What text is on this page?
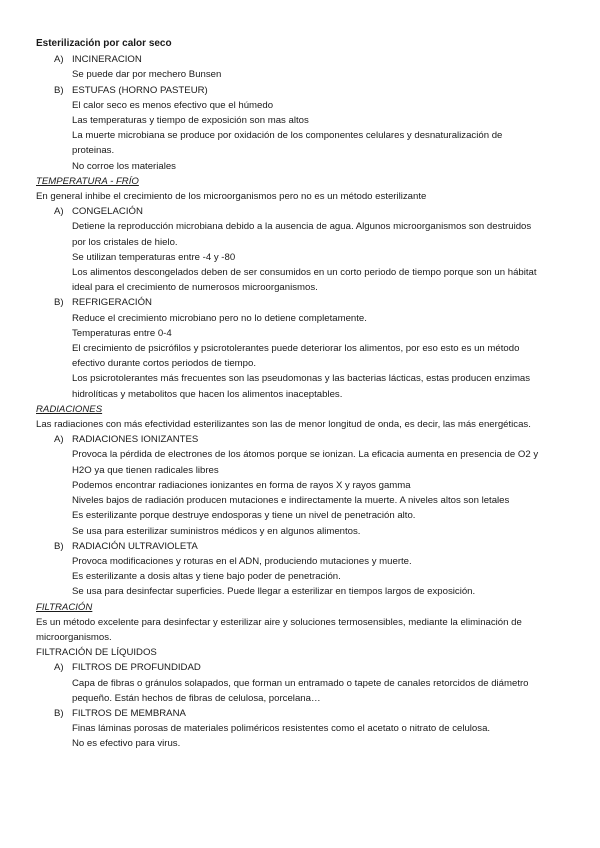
Esterilización por calor seco

A) INCINERACION

Se puede dar por mechero Bunsen

B) ESTUFAS (HORNO PASTEUR)

El calor seco es menos efectivo que el húmedo

Las temperaturas y tiempo de exposición son mas altos

La muerte microbiana se produce por oxidación de los componentes celulares y desnaturalización de

proteinas.

No corroe los materiales

TEMPERATURA - FRÍO

En general inhibe el crecimiento de los microorganismos pero no es un método esterilizante

A) CONGELACIÓN

Detiene la reproducción microbiana debido a la ausencia de agua. Algunos microorganismos son destruidos

por los cristales de hielo.

Se utilizan temperaturas entre -4 y -80

Los alimentos descongelados deben de ser consumidos en un corto periodo de tiempo porque son un hábitat

ideal para el crecimiento de numerosos microorganismos.

B) REFRIGERACIÓN

Reduce el crecimiento microbiano pero no lo detiene completamente.

Temperaturas entre 0-4

El crecimiento de psicrófilos y psicrotolerantes puede deteriorar los alimentos, por eso esto es un método

efectivo durante cortos periodos de tiempo.

Los psicrotolerantes más frecuentes son las pseudomonas y las bacterias lácticas, estas producen enzimas

hidrolíticas y metabolitos que hacen los alimentos inaceptables.

RADIACIONES

Las radiaciones con más efectividad esterilizantes son las de menor longitud de onda, es decir, las más energéticas.

A) RADIACIONES IONIZANTES

Provoca la pérdida de electrones de los átomos porque se ionizan. La eficacia aumenta en presencia de O2 y

H2O ya que tienen radicales libres

Podemos encontrar radiaciones ionizantes en forma de rayos X y rayos gamma

Niveles bajos de radiación producen mutaciones e indirectamente la muerte. A niveles altos son letales

Es esterilizante porque destruye endosporas y tiene un nivel de penetración alto.

Se usa para esterilizar suministros médicos y en algunos alimentos.

B) RADIACIÓN ULTRAVIOLETA

Provoca modificaciones y roturas en el ADN, produciendo mutaciones y muerte.

Es esterilizante a dosis altas y tiene bajo poder de penetración.

Se usa para desinfectar superficies. Puede llegar a esterilizar en tiempos largos de exposición.

FILTRACIÓN

Es un método excelente para desinfectar y esterilizar aire y soluciones termosensibles, mediante la eliminación de

microorganismos.

FILTRACIÓN DE LÍQUIDOS

A) FILTROS DE PROFUNDIDAD

Capa de fibras o gránulos solapados, que forman un entramado o tapete de canales retorcidos de diámetro

pequeño. Están hechos de fibras de celulosa, porcelana…

B) FILTROS DE MEMBRANA

Finas láminas porosas de materiales poliméricos resistentes como el acetato o nitrato de celulosa.

No es efectivo para virus.
